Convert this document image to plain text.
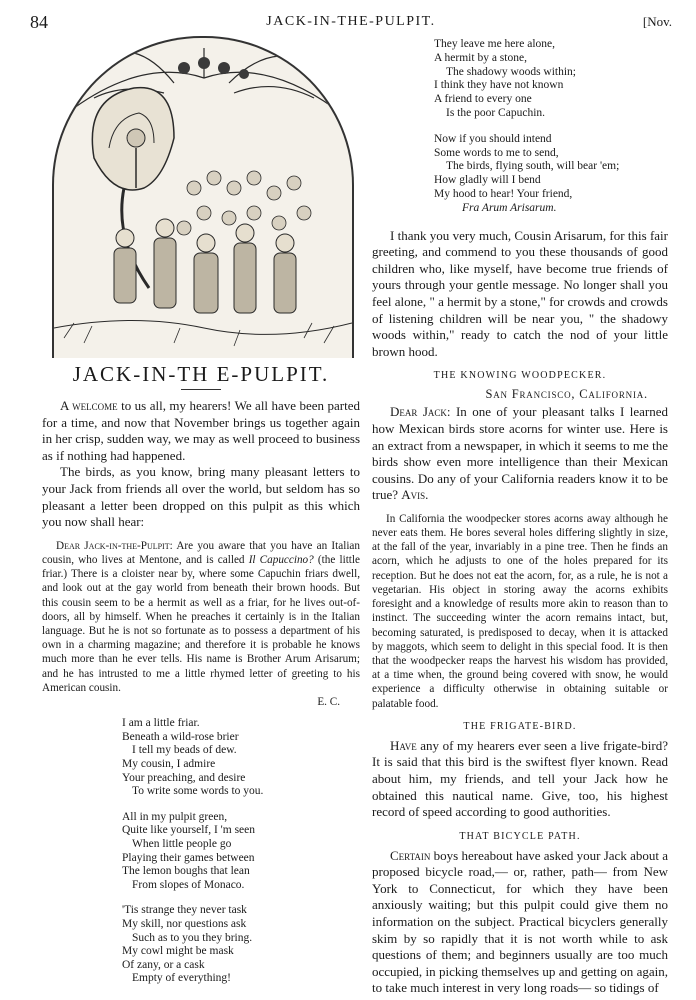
84	JACK-IN-THE-PULPIT.	[Nov.
JACK-IN-TH E-PULPIT.

A welcome to us all, my hearers! We all have been parted for a time, and now that November brings us together again in her crisp, sudden way, we may as well proceed to business as if nothing had happened.

The birds, as you know, bring many pleasant letters to your Jack from friends all over the world, but seldom has so pleasant a letter been dropped on this pulpit as this which you now shall hear:

Dear Jack-in-the-Pulpit: Are you aware that you have an Italian cousin, who lives at Mentone, and is called Il Capuccino? (the little friar.) There is a cloister near by, where some Capuchin friars dwell, and look out at the gay world from beneath their brown hoods. But this cousin seem to be a hermit as well as a friar, for he lives out-of-doors, all by himself. When he preaches it certainly is in the Italian language. But he is not so fortunate as to possess a department of his own in a charming magazine; and therefore it is probable he knows much more than he ever tells. His name is Brother Arum Arisarum; and he has intrusted to me a little rhymed letter of greeting to his American cousin.

E. C.

I am a little friar.
Beneath a wild-rose brier
I tell my beads of dew.
My cousin, I admire
Your preaching, and desire
To write some words to you.
All in my pulpit green,
Quite like yourself, I 'm seen
When little people go
Playing their games between
The lemon boughs that lean
From slopes of Monaco.
'Tis strange they never task
My skill, nor questions ask
Such as to you they bring.
My cowl might be mask
Of zany, or a cask
Empty of everything!
They leave me here alone,
A hermit by a stone,
The shadowy woods within;
I think they have not known
A friend to every one
Is the poor Capuchin.
Now if you should intend
Some words to me to send,
The birds, flying south, will bear 'em;
How gladly will I bend
My hood to hear! Your friend,
Fra Arum Arisarum.

I thank you very much, Cousin Arisarum, for this fair greeting, and commend to you these thousands of good children who, like myself, have become true friends of yours through your gentle message. No longer shall you feel alone, " a hermit by a stone," for crowds and crowds of listening children will be near you, " the shadowy woods within," ready to catch the nod of your little brown hood.

THE KNOWING WOODPECKER.
San Francisco, California.

Dear Jack: In one of your pleasant talks I learned how Mexican birds store acorns for winter use. Here is an extract from a newspaper, in which it seems to me the birds show even more intelligence than their Mexican cousins. Do any of your California readers know it to be true? Avis.

In California the woodpecker stores acorns away although he never eats them. He bores several holes differing slightly in size, at the fall of the year, invariably in a pine tree. Then he finds an acorn, which he adjusts to one of the holes prepared for its reception. But he does not eat the acorn, for, as a rule, he is not a vegetarian. His object in storing away the acorns exhibits foresight and a knowledge of results more akin to reason than to instinct. The succeeding winter the acorn remains intact, but, becoming saturated, is predisposed to decay, when it is attacked by maggots, which seem to delight in this special food. It is then that the woodpecker reaps the harvest his wisdom has provided, at a time when, the ground being covered with snow, he would experience a difficulty otherwise in obtaining suitable or palatable food.

THE FRIGATE-BIRD.

Have any of my hearers ever seen a live frigate-bird? It is said that this bird is the swiftest flyer known. Read about him, my friends, and tell your Jack how he obtained this nautical name. Give, too, his highest record of speed according to good authorities.

THAT BICYCLE PATH.

Certain boys hereabout have asked your Jack about a proposed bicycle road,— or, rather, path— from New York to Connecticut, for which they have been anxiously waiting; but this pulpit could give them no information on the subject. Practical bicyclers generally skim by so rapidly that it is not worth while to ask questions of them; and beginners usually are too much occupied, in picking themselves up and getting on again, to take much interest in very long roads— so tidings of
